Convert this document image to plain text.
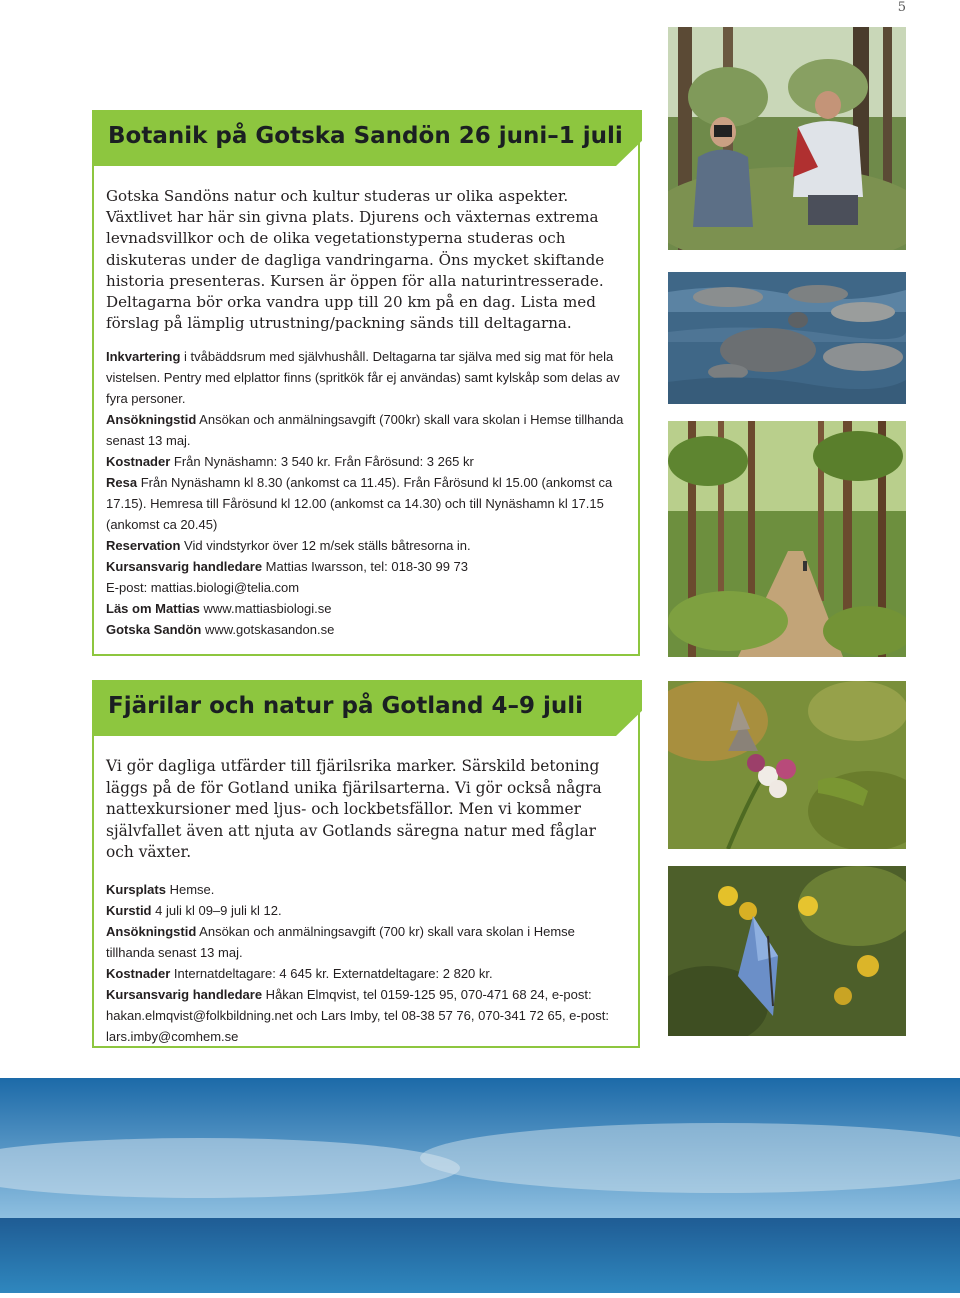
5
Botanik på Gotska Sandön 26 juni–1 juli

Gotska Sandöns natur och kultur studeras ur olika aspekter. Växtlivet har här sin givna plats. Djurens och växternas extrema levnadsvillkor och de olika vegetationstyperna studeras och diskuteras under de dagliga vandringarna. Öns mycket skiftande historia presenteras. Kursen är öppen för alla naturintresserade. Deltagarna bör orka vandra upp till 20 km på en dag. Lista med förslag på lämplig utrustning/packning sänds till deltagarna.

Inkvartering i tvåbäddsrum med självhushåll. Deltagarna tar själva med sig mat för hela vistelsen. Pentry med elplattor finns (spritkök får ej användas) samt kylskåp som delas av fyra personer.

Ansökningstid Ansökan och anmälningsavgift (700kr) skall vara skolan i Hemse tillhanda senast 13 maj.

Kostnader Från Nynäshamn: 3 540 kr. Från Fårösund: 3 265 kr

Resa Från Nynäshamn kl 8.30 (ankomst ca 11.45). Från Fårösund kl 15.00 (ankomst ca 17.15). Hemresa till Fårösund kl 12.00 (ankomst ca 14.30) och till Nynäshamn kl 17.15 (ankomst ca 20.45)

Reservation Vid vindstyrkor över 12 m/sek ställs båtresorna in.

Kursansvarig handledare Mattias Iwarsson, tel: 018-30 99 73

E-post: mattias.biologi@telia.com

Läs om Mattias www.mattiasbiologi.se

Gotska Sandön www.gotskasandon.se

Fjärilar och natur på Gotland 4–9 juli

Vi gör dagliga utfärder till fjärilsrika marker. Särskild betoning läggs på de för Gotland unika fjärilsarterna. Vi gör också några nattexkursioner med ljus- och lockbetsfällor. Men vi kommer självfallet även att njuta av Gotlands säregna natur med fåglar och växter.

Kursplats Hemse.

Kurstid 4 juli kl 09–9 juli kl 12.

Ansökningstid Ansökan och anmälningsavgift (700 kr) skall vara skolan i Hemse tillhanda senast 13 maj.

Kostnader Internatdeltagare: 4 645 kr. Externatdeltagare: 2 820 kr.

Kursansvarig handledare Håkan Elmqvist, tel 0159-125 95, 070-471 68 24, e-post: hakan.elmqvist@folkbildning.net och Lars Imby, tel 08-38 57 76, 070-341 72 65, e-post: lars.imby@comhem.se
